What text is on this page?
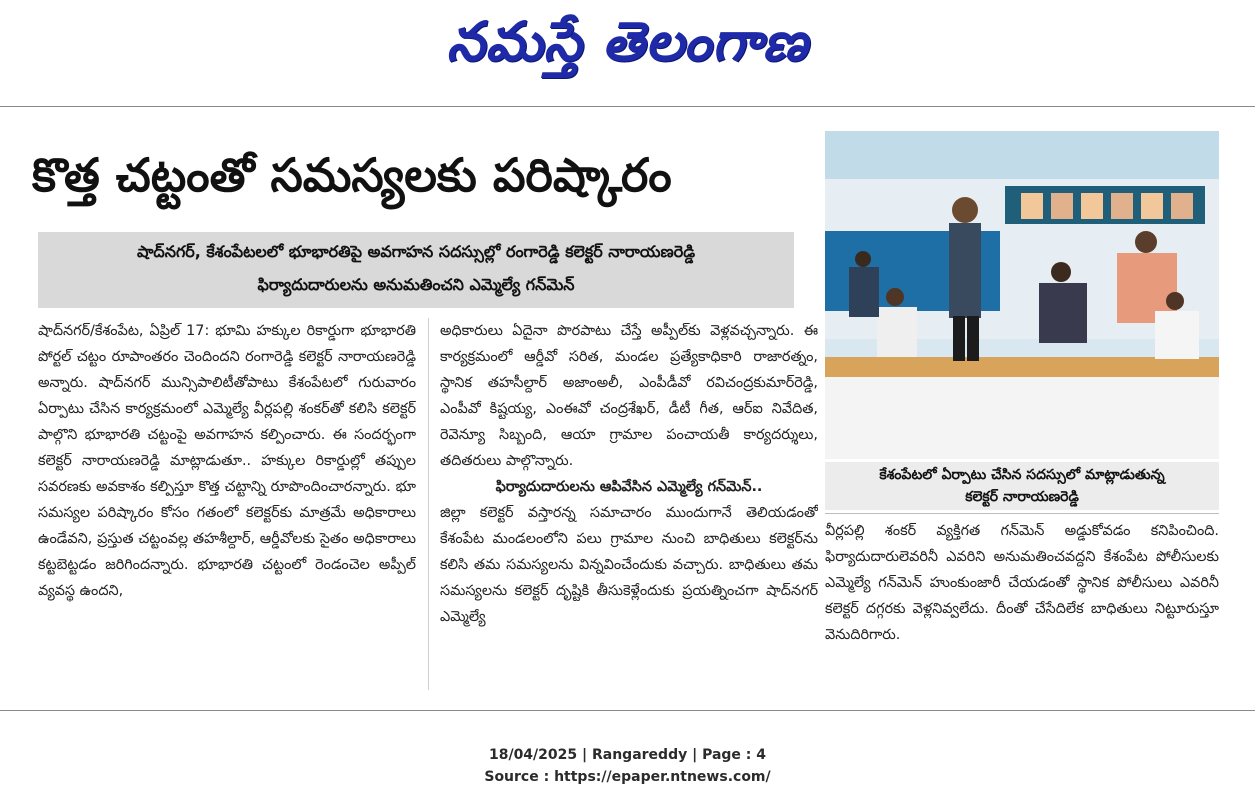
నమస్తే తెలంగాణ
కొత్త చట్టంతో సమస్యలకు పరిష్కారం
షాద్‌నగర్, కేశంపేటలలో భూభారతిపై అవగాహన సదస్సుల్లో రంగారెడ్డి కలెక్టర్ నారాయణరెడ్డి
ఫిర్యాదుదారులను అనుమతించని ఎమ్మెల్యే గన్‌మెన్

షాద్‌నగర్/కేశంపేట, ఏప్రిల్ 17: భూమి హక్కుల రికార్డుగా భూభారతి పోర్టల్ చట్టం రూపాంతరం చెందిందని రంగారెడ్డి కలెక్టర్ నారాయణరెడ్డి అన్నారు. షాద్‌నగర్ మున్సిపాలిటీతోపాటు కేశంపేటలో గురువారం ఏర్పాటు చేసిన కార్యక్రమంలో ఎమ్మెల్యే వీర్లపల్లి శంకర్‌తో కలిసి కలెక్టర్ పాల్గొని భూభారతి చట్టంపై అవగాహన కల్పించారు. ఈ సందర్భంగా కలెక్టర్ నారాయణరెడ్డి మాట్లాడుతూ.. హక్కుల రికార్డుల్లో తప్పుల సవరణకు అవకాశం కల్పిస్తూ కొత్త చట్టాన్ని రూపొందించారన్నారు. భూ సమస్యల పరిష్కారం కోసం గతంలో కలెక్టర్‌కు మాత్రమే అధికారాలు ఉండేవని, ప్రస్తుత చట్టంవల్ల తహశీల్దార్, ఆర్డీవోలకు సైతం అధికారాలు కట్టబెట్టడం జరిగిందన్నారు. భూభారతి చట్టంలో రెండంచెల అప్పీల్ వ్యవస్థ ఉందని,

అధికారులు ఏదైనా పొరపాటు చేస్తే అప్పీల్‌కు వెళ్లవచ్చన్నారు. ఈ కార్యక్రమంలో ఆర్డీవో సరిత, మండల ప్రత్యేకాధికారి రాజారత్నం, స్థానిక తహసీల్దార్ అజాంఅలీ, ఎంపీడీవో రవిచంద్రకుమార్‌రెడ్డి, ఎంపీవో కిష్టయ్య, ఎంఈవో చంద్రశేఖర్, డీటీ గీత, ఆర్ఐ నివేదిత, రెవెన్యూ సిబ్బంది, ఆయా గ్రామాల పంచాయతీ కార్యదర్శులు, తదితరులు పాల్గొన్నారు.

ఫిర్యాదుదారులను ఆపివేసిన ఎమ్మెల్యే గన్‌మెన్..

జిల్లా కలెక్టర్ వస్తారన్న సమాచారం ముందుగానే తెలియడంతో కేశంపేట మండలంలోని పలు గ్రామాల నుంచి బాధితులు కలెక్టర్‌ను కలిసి తమ సమస్యలను విన్నవించేందుకు వచ్చారు. బాధితులు తమ సమస్యలను కలెక్టర్ దృష్టికి తీసుకెళ్లేందుకు ప్రయత్నించగా షాద్‌నగర్ ఎమ్మెల్యే

కేశంపేటలో ఏర్పాటు చేసిన సదస్సులో మాట్లాడుతున్న
కలెక్టర్ నారాయణరెడ్డి

వీర్లపల్లి శంకర్ వ్యక్తిగత గన్‌మెన్ అడ్డుకోవడం కనిపించింది. ఫిర్యాదుదారులెవరినీ ఎవరిని అనుమతించవద్దని కేశంపేట పోలీసులకు ఎమ్మెల్యే గన్‌మెన్ హుంకుంజారీ చేయడంతో స్థానిక పోలీసులు ఎవరినీ కలెక్టర్ దగ్గరకు వెళ్లనివ్వలేదు. దీంతో చేసేదిలేక బాధితులు నిట్టూరుస్తూ వెనుదిరిగారు.

18/04/2025 | Rangareddy | Page : 4
Source : https://epaper.ntnews.com/
